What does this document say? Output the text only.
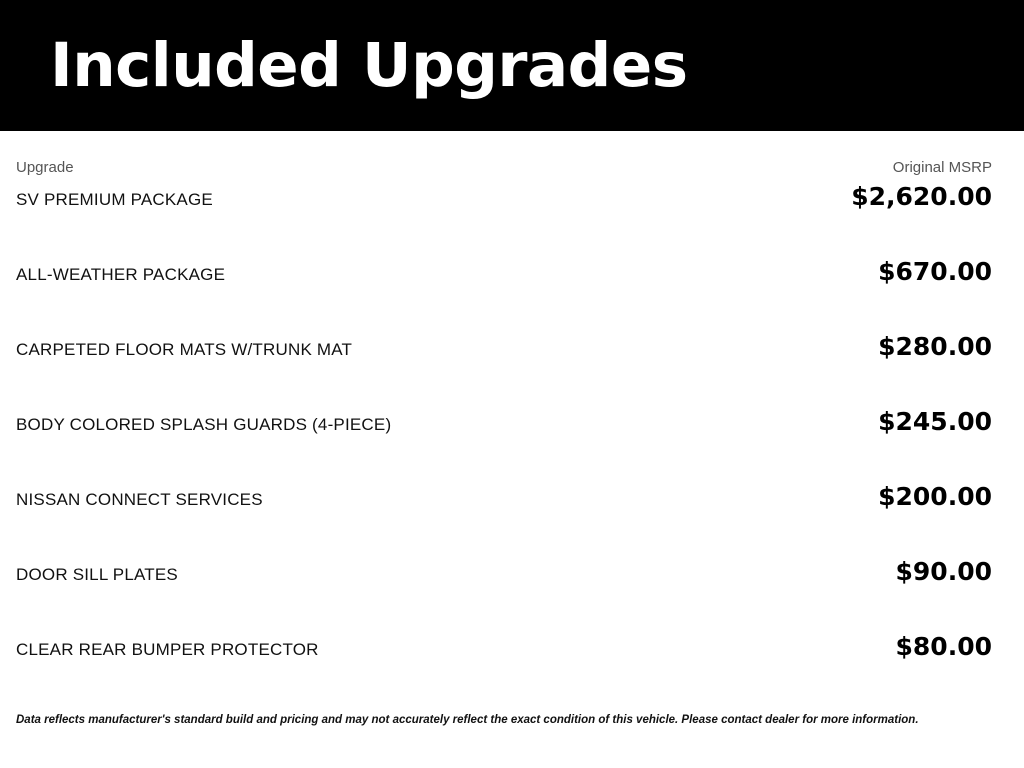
Included Upgrades
Upgrade	Original MSRP
SV PREMIUM PACKAGE	$2,620.00
ALL-WEATHER PACKAGE	$670.00
CARPETED FLOOR MATS W/TRUNK MAT	$280.00
BODY COLORED SPLASH GUARDS (4-PIECE)	$245.00
NISSAN CONNECT SERVICES	$200.00
DOOR SILL PLATES	$90.00
CLEAR REAR BUMPER PROTECTOR	$80.00
Data reflects manufacturer's standard build and pricing and may not accurately reflect the exact condition of this vehicle. Please contact dealer for more information.
